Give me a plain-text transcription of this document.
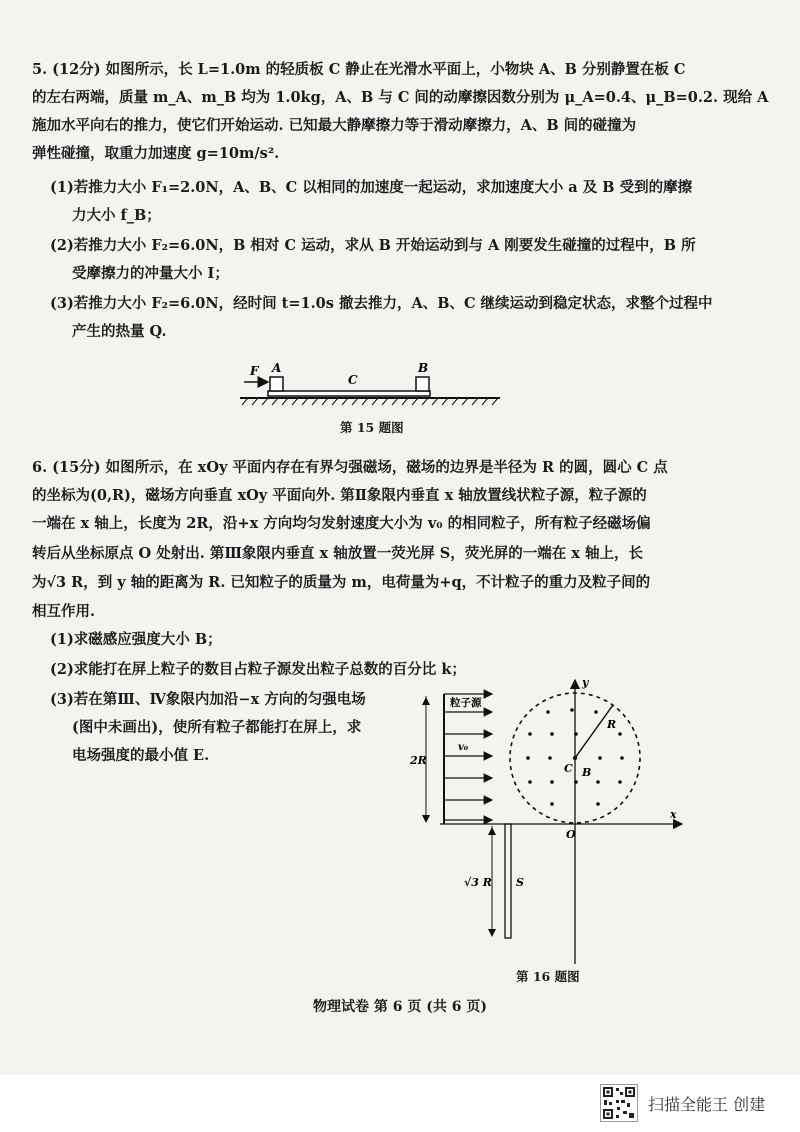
5. (12分) 如图所示，长 L=1.0m 的轻质板 C 静止在光滑水平面上，小物块 A、B 分别静置在板 C
的左右两端，质量 m_A、m_B 均为 1.0kg，A、B 与 C 间的动摩擦因数分别为 μ_A=0.4、μ_B=0.2. 现给 A
施加水平向右的推力，使它们开始运动. 已知最大静摩擦力等于滑动摩擦力，A、B 间的碰撞为
弹性碰撞，取重力加速度 g=10m/s².
(1)若推力大小 F₁=2.0N，A、B、C 以相同的加速度一起运动，求加速度大小 a 及 B 受到的摩擦
力大小 f_B；
(2)若推力大小 F₂=6.0N，B 相对 C 运动，求从 B 开始运动到与 A 刚要发生碰撞的过程中，B 所
受摩擦力的冲量大小 I；
(3)若推力大小 F₂=6.0N，经时间 t=1.0s 撤去推力，A、B、C 继续运动到稳定状态，求整个过程中
产生的热量 Q.
F A	B
C
第 15 题图
6. (15分) 如图所示，在 xOy 平面内存在有界匀强磁场，磁场的边界是半径为 R 的圆，圆心 C 点
的坐标为(0,R)，磁场方向垂直 xOy 平面向外. 第Ⅱ象限内垂直 x 轴放置线状粒子源，粒子源的
一端在 x 轴上，长度为 2R，沿+x 方向均匀发射速度大小为 v₀ 的相同粒子，所有粒子经磁场偏
转后从坐标原点 O 处射出. 第Ⅲ象限内垂直 x 轴放置一荧光屏 S，荧光屏的一端在 x 轴上，长
为√3 R，到 y 轴的距离为 R. 已知粒子的质量为 m，电荷量为+q，不计粒子的重力及粒子间的
相互作用.
(1)求磁感应强度大小 B；
(2)求能打在屏上粒子的数目占粒子源发出粒子总数的百分比 k；
(3)若在第Ⅲ、Ⅳ象限内加沿−x 方向的匀强电场
(图中未画出)，使所有粒子都能打在屏上，求
电场强度的最小值 E.
x
y
O
R
C B
粒子源
v₀
2R
S
√3 R
第 16 题图
物理试卷 第 6 页 (共 6 页)
扫描全能王 创建
